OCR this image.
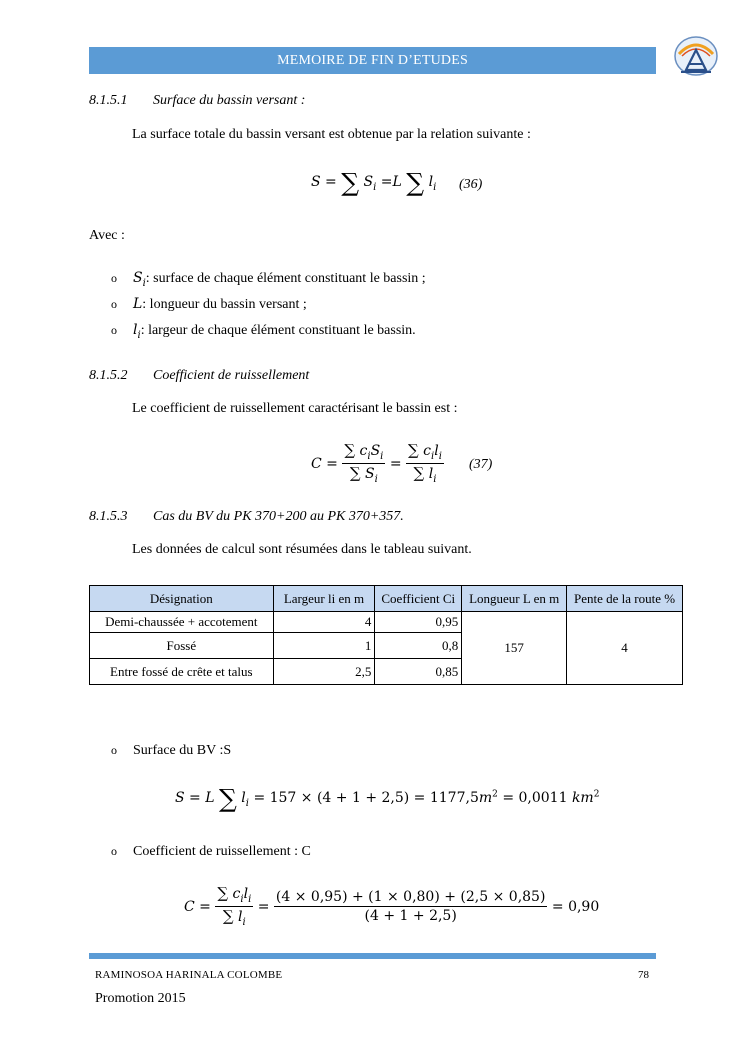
MEMOIRE DE FIN D’ETUDES
8.1.5.1 Surface du bassin versant :
La surface totale du bassin versant est obtenue par la relation suivante :
S = ∑ $S_i =L$ ∑ $l_i$ (36)
Avec :
o	$S_i$ : surface de chaque élément constituant le bassin ;
o	L : longueur du bassin versant ;
o	$l_i$ : largeur de chaque élément constituant le bassin.
8.1.5.2 Coefficient de ruissellement
Le coefficient de ruissellement caractérisant le bassin est :
$C = \frac{\sum c_iS_i}{\sum S_i} = \frac{\sum c_il_i}{\sum l_i} (37)$
8.1.5.3 Cas du BV du PK 370+200 au PK 370+357.
Les données de calcul sont résumées dans le tableau suivant.
Désignation	Largeur li en m	Coefficient Ci	Longueur L en m	Pente de la route %
Demi-chaussée + accotement	4	0,95	157	4
Fossé	1	0,8		
Entre fossé de crête et talus	2,5	0,85		
o	Surface du BV :S
S = L ∑ $l_i = 157 \times (4 + 1 + 2,5) = 1177,5m^2 = 0,0011$ $km^2$
o	Coefficient de ruissellement : C
$C = \frac{\sum c_il_i}{\sum l_i} = \frac{(4 \times 0,95) + (1 \times 0,80) + (2,5 \times 0,85)}{(4 + 1 + 2,5)} = 0,90$
RAMINOSOA HARINALA COLOMBE	78
Promotion 2015
